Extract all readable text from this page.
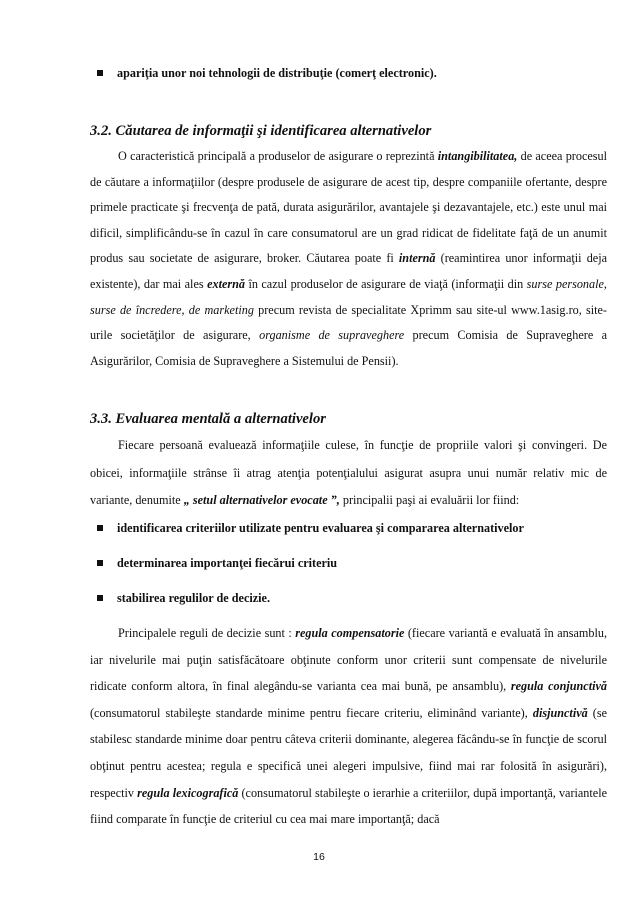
apariţia unor noi tehnologii de distribuţie (comerţ electronic).
3.2. Căutarea de informaţii şi identificarea alternativelor

O caracteristică principală a produselor de asigurare o reprezintă intangibilitatea, de aceea procesul de căutare a informaţiilor (despre produsele de asigurare de acest tip, despre companiile ofertante, despre primele practicate şi frecvenţa de pată, durata asigurărilor, avantajele şi dezavantajele, etc.) este unul mai dificil, simplificându-se în cazul în care consumatorul are un grad ridicat de fidelitate faţă de un anumit produs sau societate de asigurare, broker. Căutarea poate fi internă (reamintirea unor informaţii deja existente), dar mai ales externă în cazul produselor de asigurare de viaţă (informaţii din surse personale, surse de încredere, de marketing precum revista de specialitate Xprimm sau site-ul www.1asig.ro, site-urile societăţilor de asigurare, organisme de supraveghere precum Comisia de Supraveghere a Asigurărilor, Comisia de Supraveghere a Sistemului de Pensii).

3.3. Evaluarea mentală a alternativelor

Fiecare persoană evaluează informaţiile culese, în funcţie de propriile valori şi convingeri. De obicei, informaţiile strânse îi atrag atenţia potenţialului asigurat asupra unui număr relativ mic de variante, denumite „ setul alternativelor evocate ”, principalii paşi ai evaluării lor fiind:

identificarea criteriilor utilizate pentru evaluarea şi compararea alternativelor
determinarea importanţei fiecărui criteriu
stabilirea regulilor de decizie.

Principalele reguli de decizie sunt : regula compensatorie (fiecare variantă e evaluată în ansamblu, iar nivelurile mai puţin satisfăcătoare obţinute conform unor criterii sunt compensate de nivelurile ridicate conform altora, în final alegându-se varianta cea mai bună, pe ansamblu), regula conjunctivă (consumatorul stabileşte standarde minime pentru fiecare criteriu, eliminând variante), disjunctivă (se stabilesc standarde minime doar pentru câteva criterii dominante, alegerea făcându-se în funcţie de scorul obţinut pentru acestea; regula e specifică unei alegeri impulsive, fiind mai rar folosită în asigurări), respectiv regula lexicografică (consumatorul stabileşte o ierarhie a criteriilor, după importanţă, variantele fiind comparate în funcţie de criteriul cu cea mai mare importanţă; dacă

16
